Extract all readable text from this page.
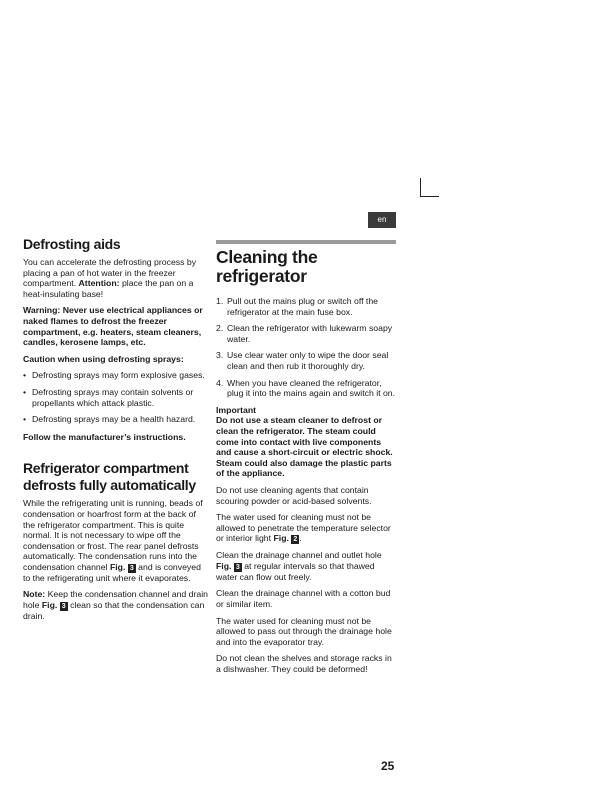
en
Defrosting aids

You can accelerate the defrosting process by placing a pan of hot water in the freezer compartment. Attention: place the pan on a heat-insulating base!

Warning: Never use electrical appliances or naked flames to defrost the freezer compartment, e.g. heaters, steam cleaners, candles, kerosene lamps, etc.

Caution when using defrosting sprays:

• Defrosting sprays may form explosive gases.
• Defrosting sprays may contain solvents or propellants which attack plastic.
• Defrosting sprays may be a health hazard.

Follow the manufacturer’s instructions.

Refrigerator compartment defrosts fully automatically

While the refrigerating unit is running, beads of condensation or hoarfrost form at the back of the refrigerator compartment. This is quite normal. It is not necessary to wipe off the condensation or frost. The rear panel defrosts automatically. The condensation runs into the condensation channel Fig. 3 and is conveyed to the refrigerating unit where it evaporates.

Note: Keep the condensation channel and drain hole Fig. 3 clean so that the condensation can drain.

Cleaning the refrigerator
1. Pull out the mains plug or switch off the refrigerator at the main fuse box.
2. Clean the refrigerator with lukewarm soapy water.
3. Use clear water only to wipe the door seal clean and then rub it thoroughly dry.
4. When you have cleaned the refrigerator, plug it into the mains again and switch it on.

Important

Do not use a steam cleaner to defrost or clean the refrigerator. The steam could come into contact with live components and cause a short-circuit or electric shock. Steam could also damage the plastic parts of the appliance.

Do not use cleaning agents that contain scouring powder or acid-based solvents.

The water used for cleaning must not be allowed to penetrate the temperature selector or interior light Fig. 2 .

Clean the drainage channel and outlet hole Fig. 3 at regular intervals so that thawed water can flow out freely.

Clean the drainage channel with a cotton bud or similar item.

The water used for cleaning must not be allowed to pass out through the drainage hole and into the evaporator tray.

Do not clean the shelves and storage racks in a dishwasher. They could be deformed!

25
